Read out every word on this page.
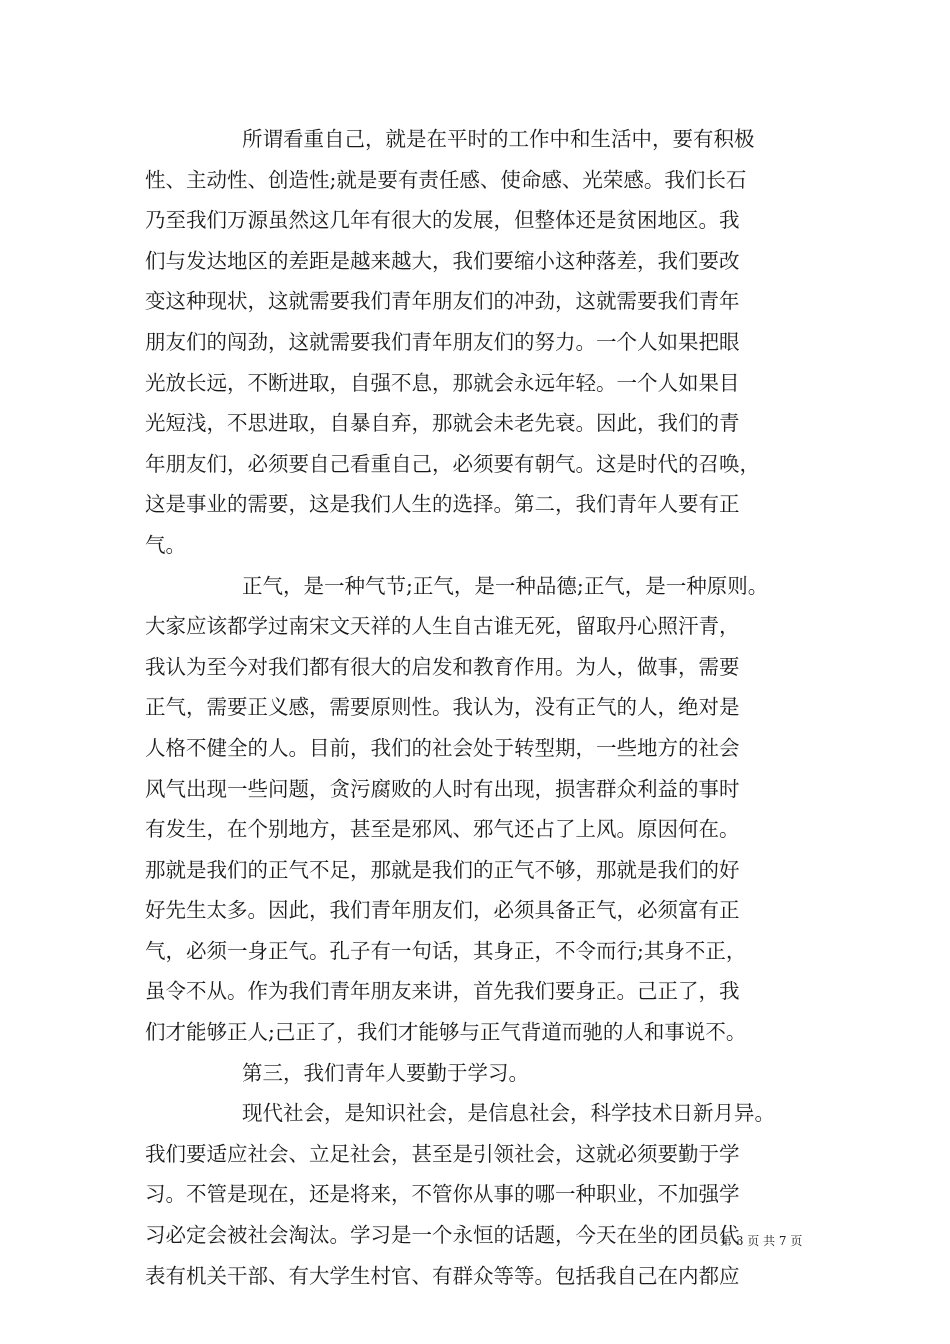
所谓看重自己，就是在平时的工作中和生活中，要有积极
性、主动性、创造性;就是要有责任感、使命感、光荣感。我们长石
乃至我们万源虽然这几年有很大的发展，但整体还是贫困地区。我
们与发达地区的差距是越来越大，我们要缩小这种落差，我们要改
变这种现状，这就需要我们青年朋友们的冲劲，这就需要我们青年
朋友们的闯劲，这就需要我们青年朋友们的努力。一个人如果把眼
光放长远，不断进取，自强不息，那就会永远年轻。一个人如果目
光短浅，不思进取，自暴自弃，那就会未老先衰。因此，我们的青
年朋友们，必须要自己看重自己，必须要有朝气。这是时代的召唤，
这是事业的需要，这是我们人生的选择。第二，我们青年人要有正
气。
正气，是一种气节;正气，是一种品德;正气，是一种原则。
大家应该都学过南宋文天祥的人生自古谁无死，留取丹心照汗青，
我认为至今对我们都有很大的启发和教育作用。为人，做事，需要
正气，需要正义感，需要原则性。我认为，没有正气的人，绝对是
人格不健全的人。目前，我们的社会处于转型期，一些地方的社会
风气出现一些问题，贪污腐败的人时有出现，损害群众利益的事时
有发生，在个别地方，甚至是邪风、邪气还占了上风。原因何在。
那就是我们的正气不足，那就是我们的正气不够，那就是我们的好
好先生太多。因此，我们青年朋友们，必须具备正气，必须富有正
气，必须一身正气。孔子有一句话，其身正，不令而行;其身不正，
虽令不从。作为我们青年朋友来讲，首先我们要身正。己正了，我
们才能够正人;己正了，我们才能够与正气背道而驰的人和事说不。
第三，我们青年人要勤于学习。
现代社会，是知识社会，是信息社会，科学技术日新月异。
我们要适应社会、立足社会，甚至是引领社会，这就必须要勤于学
习。不管是现在，还是将来，不管你从事的哪一种职业，不加强学
习必定会被社会淘汰。学习是一个永恒的话题，今天在坐的团员代
表有机关干部、有大学生村官、有群众等等。包括我自己在内都应
第 3 页 共 7 页
